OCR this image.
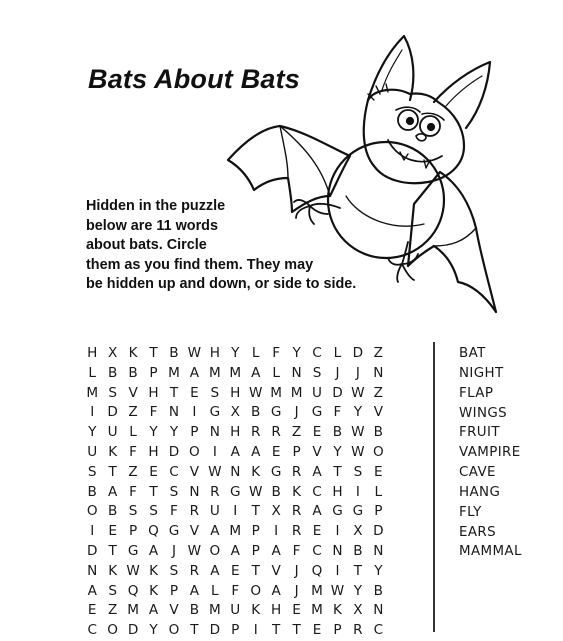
Bats About Bats
Hidden in the puzzle
below are 11 words
about bats. Circle
them as you find them. They may
be hidden up and down, or side to side.
H X K T B W H Y L F Y C L D Z
L B B P M A M M A L N S	J	J N
M S V H T E S H W M M U D W Z
I D Z F N I G X B G J G F Y V
Y U L Y Y P N H R R Z E B W B
U K F H D O I	A A E P V Y W O
S T Z E C V W N K G R A T S E
B A F T S N R G W B K C H I	L
O B S S F R U I	T X R A G G P
I	E P Q G V A M P	I	R E	I	X D
D T G A	J W O A P A F C N B N
N K W K S R A E T V	J Q I	T Y
A S Q K P A L F O A	J M W Y B
E Z M A V B M U K H E M K X N
C O D Y O T D P	I	T T E P R C
BAT
NIGHT
FLAP
WINGS
FRUIT
VAMPIRE
CAVE
HANG
FLY
EARS
MAMMAL
